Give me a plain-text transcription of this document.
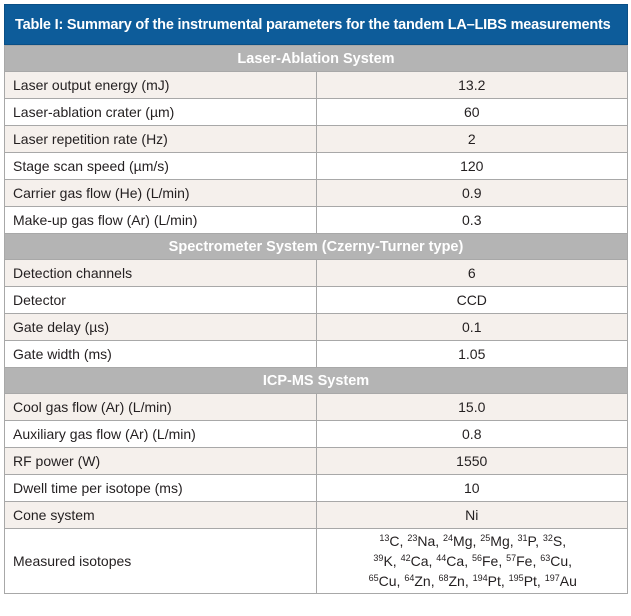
Table I: Summary of the instrumental parameters for the tandem LA–LIBS measurements
Laser-Ablation System	
Laser output energy (mJ)	13.2
Laser-ablation crater (µm)	60
Laser repetition rate (Hz)	2
Stage scan speed (µm/s)	120
Carrier gas flow (He) (L/min)	0.9
Make-up gas flow (Ar) (L/min)	0.3
Spectrometer System (Czerny-Turner type)	
Detection channels	6
Detector	CCD
Gate delay (µs)	0.1
Gate width (ms)	1.05
ICP-MS System	
Cool gas flow (Ar) (L/min)	15.0
Auxiliary gas flow (Ar) (L/min)	0.8
RF power (W)	1550
Dwell time per isotope (ms)	10
Cone system	Ni
Measured isotopes	$^{13}$C, $^{23}$Na, $^{24}$Mg, $^{25}$Mg, $^{31}$P, $^{32}$S,
$^{39}$K, $^{42}$Ca, $^{44}$Ca, $^{56}$Fe, $^{57}$Fe, $^{63}$Cu,
$^{65}$Cu, $^{64}$Zn, $^{68}$Zn, $^{194}$Pt, $^{195}$Pt, $^{197}$Au
